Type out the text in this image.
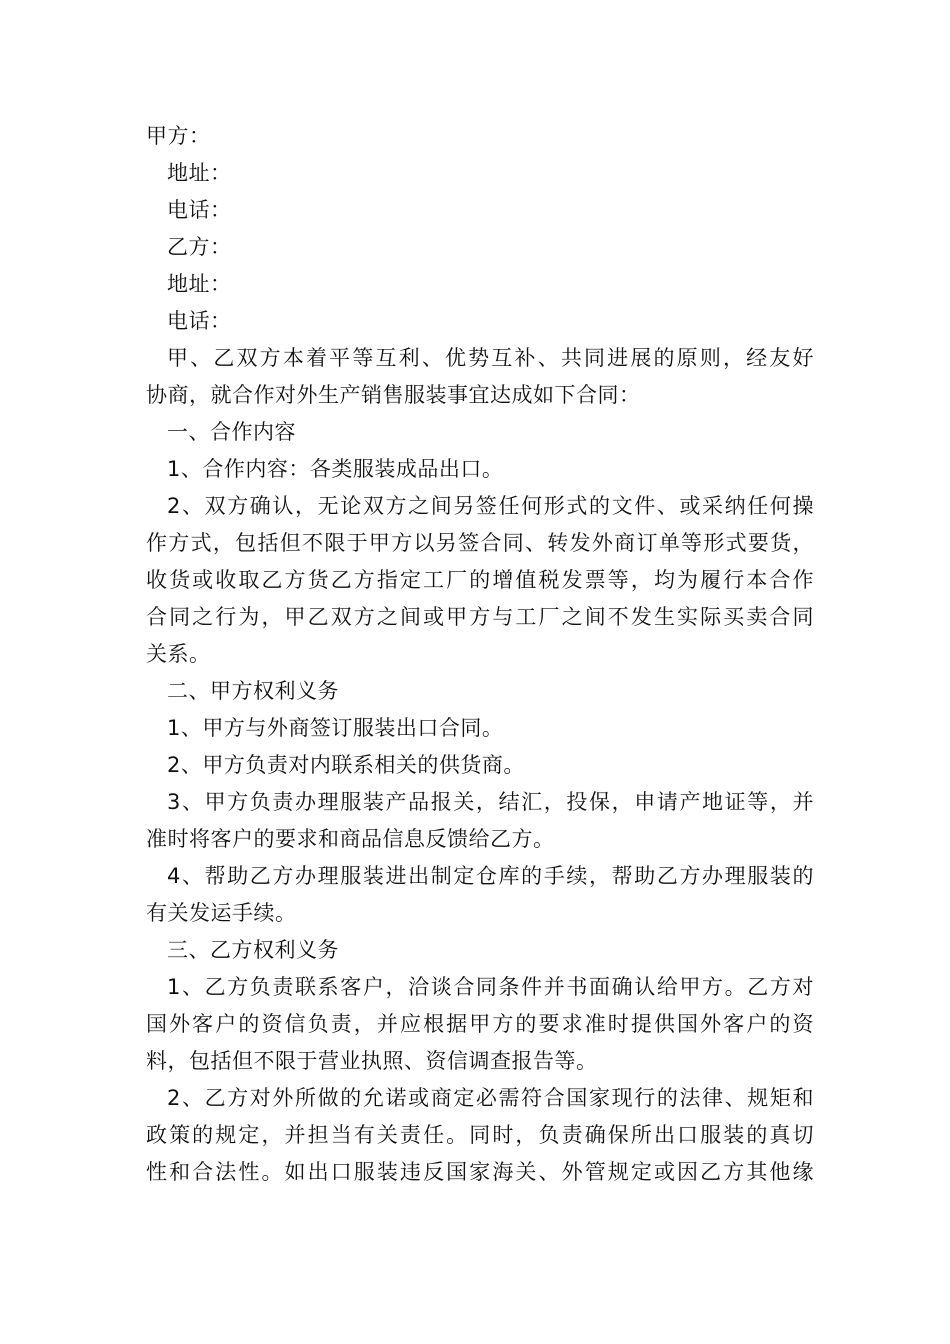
甲方：
地址：
电话：
乙方：
地址：
电话：
甲、乙双方本着平等互利、优势互补、共同进展的原则，经友好
协商，就合作对外生产销售服装事宜达成如下合同：
一、合作内容
1、合作内容：各类服装成品出口。
2、双方确认，无论双方之间另签任何形式的文件、或采纳任何操
作方式，包括但不限于甲方以另签合同、转发外商订单等形式要货，
收货或收取乙方货乙方指定工厂的增值税发票等，均为履行本合作
合同之行为，甲乙双方之间或甲方与工厂之间不发生实际买卖合同
关系。
二、甲方权利义务
1、甲方与外商签订服装出口合同。
2、甲方负责对内联系相关的供货商。
3、甲方负责办理服装产品报关，结汇，投保，申请产地证等，并
准时将客户的要求和商品信息反馈给乙方。
4、帮助乙方办理服装进出制定仓库的手续，帮助乙方办理服装的
有关发运手续。
三、乙方权利义务
1、乙方负责联系客户，洽谈合同条件并书面确认给甲方。乙方对
国外客户的资信负责，并应根据甲方的要求准时提供国外客户的资
料，包括但不限于营业执照、资信调查报告等。
2、乙方对外所做的允诺或商定必需符合国家现行的法律、规矩和
政策的规定，并担当有关责任。同时，负责确保所出口服装的真切
性和合法性。如出口服装违反国家海关、外管规定或因乙方其他缘
